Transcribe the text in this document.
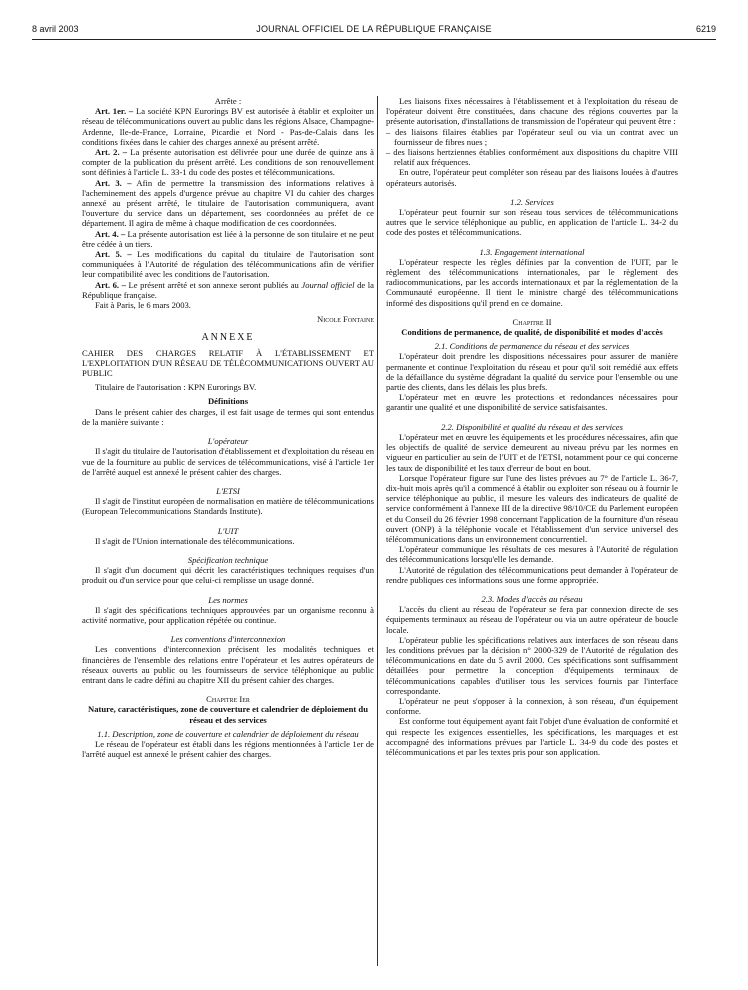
8 avril 2003	JOURNAL OFFICIEL DE LA RÉPUBLIQUE FRANÇAISE	6219

Arrête :

Art. 1er. – La société KPN Eurorings BV est autorisée à établir et exploiter un réseau de télécommunications ouvert au public dans les régions Alsace, Champagne-Ardenne, Ile-de-France, Lorraine, Picardie et Nord - Pas-de-Calais dans les conditions fixées dans le cahier des charges annexé au présent arrêté.

Art. 2. – La présente autorisation est délivrée pour une durée de quinze ans à compter de la publication du présent arrêté. Les conditions de son renouvellement sont définies à l'article L. 33-1 du code des postes et télécommunications.

Art. 3. – Afin de permettre la transmission des informations relatives à l'acheminement des appels d'urgence prévue au chapitre VI du cahier des charges annexé au présent arrêté, le titulaire de l'autorisation communiquera, avant l'ouverture du service dans un département, ses coordonnées au préfet de ce département. Il agira de même à chaque modification de ces coordonnées.

Art. 4. – La présente autorisation est liée à la personne de son titulaire et ne peut être cédée à un tiers.

Art. 5. – Les modifications du capital du titulaire de l'autorisation sont communiquées à l'Autorité de régulation des télécommunications afin de vérifier leur compatibilité avec les conditions de l'autorisation.

Art. 6. – Le présent arrêté et son annexe seront publiés au Journal officiel de la République française.

Fait à Paris, le 6 mars 2003.

Nicole Fontaine

ANNEXE

CAHIER DES CHARGES RELATIF À L'ÉTABLISSEMENT ET L'EXPLOITATION D'UN RÉSEAU DE TÉLÉCOMMUNICATIONS OUVERT AU PUBLIC

Titulaire de l'autorisation : KPN Eurorings BV.

Définitions

Dans le présent cahier des charges, il est fait usage de termes qui sont entendus de la manière suivante :

L'opérateur

Il s'agit du titulaire de l'autorisation d'établissement et d'exploitation du réseau en vue de la fourniture au public de services de télécommunications, visé à l'article 1er de l'arrêté auquel est annexé le présent cahier des charges.

L'ETSI

Il s'agit de l'institut européen de normalisation en matière de télécommunications (European Telecommunications Standards Institute).

L'UIT

Il s'agit de l'Union internationale des télécommunications.

Spécification technique

Il s'agit d'un document qui décrit les caractéristiques techniques requises d'un produit ou d'un service pour que celui-ci remplisse un usage donné.

Les normes

Il s'agit des spécifications techniques approuvées par un organisme reconnu à activité normative, pour application répétée ou continue.

Les conventions d'interconnexion

Les conventions d'interconnexion précisent les modalités techniques et financières de l'ensemble des relations entre l'opérateur et les autres opérateurs de réseaux ouverts au public ou les fournisseurs de service téléphonique au public entrant dans le cadre défini au chapitre XII du présent cahier des charges.

Chapitre Ier

Nature, caractéristiques, zone de couverture et calendrier de déploiement du réseau et des services

1.1. Description, zone de couverture et calendrier de déploiement du réseau

Le réseau de l'opérateur est établi dans les régions mentionnées à l'article 1er de l'arrêté auquel est annexé le présent cahier des charges.

Les liaisons fixes nécessaires à l'établissement et à l'exploitation du réseau de l'opérateur doivent être constituées, dans chacune des régions couvertes par la présente autorisation, d'installations de transmission de l'opérateur qui peuvent être :

– des liaisons filaires établies par l'opérateur seul ou via un contrat avec un fournisseur de fibres nues ;

– des liaisons hertziennes établies conformément aux dispositions du chapitre VIII relatif aux fréquences.

En outre, l'opérateur peut compléter son réseau par des liaisons louées à d'autres opérateurs autorisés.

1.2. Services

L'opérateur peut fournir sur son réseau tous services de télécommunications autres que le service téléphonique au public, en application de l'article L. 34-2 du code des postes et télécommunications.

1.3. Engagement international

L'opérateur respecte les règles définies par la convention de l'UIT, par le règlement des télécommunications internationales, par le règlement des radiocommunications, par les accords internationaux et par la réglementation de la Communauté européenne. Il tient le ministre chargé des télécommunications informé des dispositions qu'il prend en ce domaine.

Chapitre II

Conditions de permanence, de qualité, de disponibilité et modes d'accès

2.1. Conditions de permanence du réseau et des services

L'opérateur doit prendre les dispositions nécessaires pour assurer de manière permanente et continue l'exploitation du réseau et pour qu'il soit remédié aux effets de la défaillance du système dégradant la qualité du service pour l'ensemble ou une partie des clients, dans les délais les plus brefs.

L'opérateur met en œuvre les protections et redondances nécessaires pour garantir une qualité et une disponibilité de service satisfaisantes.

2.2. Disponibilité et qualité du réseau et des services

L'opérateur met en œuvre les équipements et les procédures nécessaires, afin que les objectifs de qualité de service demeurent au niveau prévu par les normes en vigueur en particulier au sein de l'UIT et de l'ETSI, notamment pour ce qui concerne les taux de disponibilité et les taux d'erreur de bout en bout.

Lorsque l'opérateur figure sur l'une des listes prévues au 7° de l'article L. 36-7, dix-huit mois après qu'il a commencé à établir ou exploiter son réseau ou à fournir le service téléphonique au public, il mesure les valeurs des indicateurs de qualité de service conformément à l'annexe III de la directive 98/10/CE du Parlement européen et du Conseil du 26 février 1998 concernant l'application de la fourniture d'un réseau ouvert (ONP) à la téléphonie vocale et l'établissement d'un service universel des télécommunications dans un environnement concurrentiel.

L'opérateur communique les résultats de ces mesures à l'Autorité de régulation des télécommunications lorsqu'elle les demande.

L'Autorité de régulation des télécommunications peut demander à l'opérateur de rendre publiques ces informations sous une forme appropriée.

2.3. Modes d'accès au réseau

L'accès du client au réseau de l'opérateur se fera par connexion directe de ses équipements terminaux au réseau de l'opérateur ou via un autre opérateur de boucle locale.

L'opérateur publie les spécifications relatives aux interfaces de son réseau dans les conditions prévues par la décision n° 2000-329 de l'Autorité de régulation des télécommunications en date du 5 avril 2000. Ces spécifications sont suffisamment détaillées pour permettre la conception d'équipements terminaux de télécommunications capables d'utiliser tous les services fournis par l'interface correspondante.

L'opérateur ne peut s'opposer à la connexion, à son réseau, d'un équipement conforme.

Est conforme tout équipement ayant fait l'objet d'une évaluation de conformité et qui respecte les exigences essentielles, les spécifications, les marquages et est accompagné des informations prévues par l'article L. 34-9 du code des postes et télécommunications et par les textes pris pour son application.
